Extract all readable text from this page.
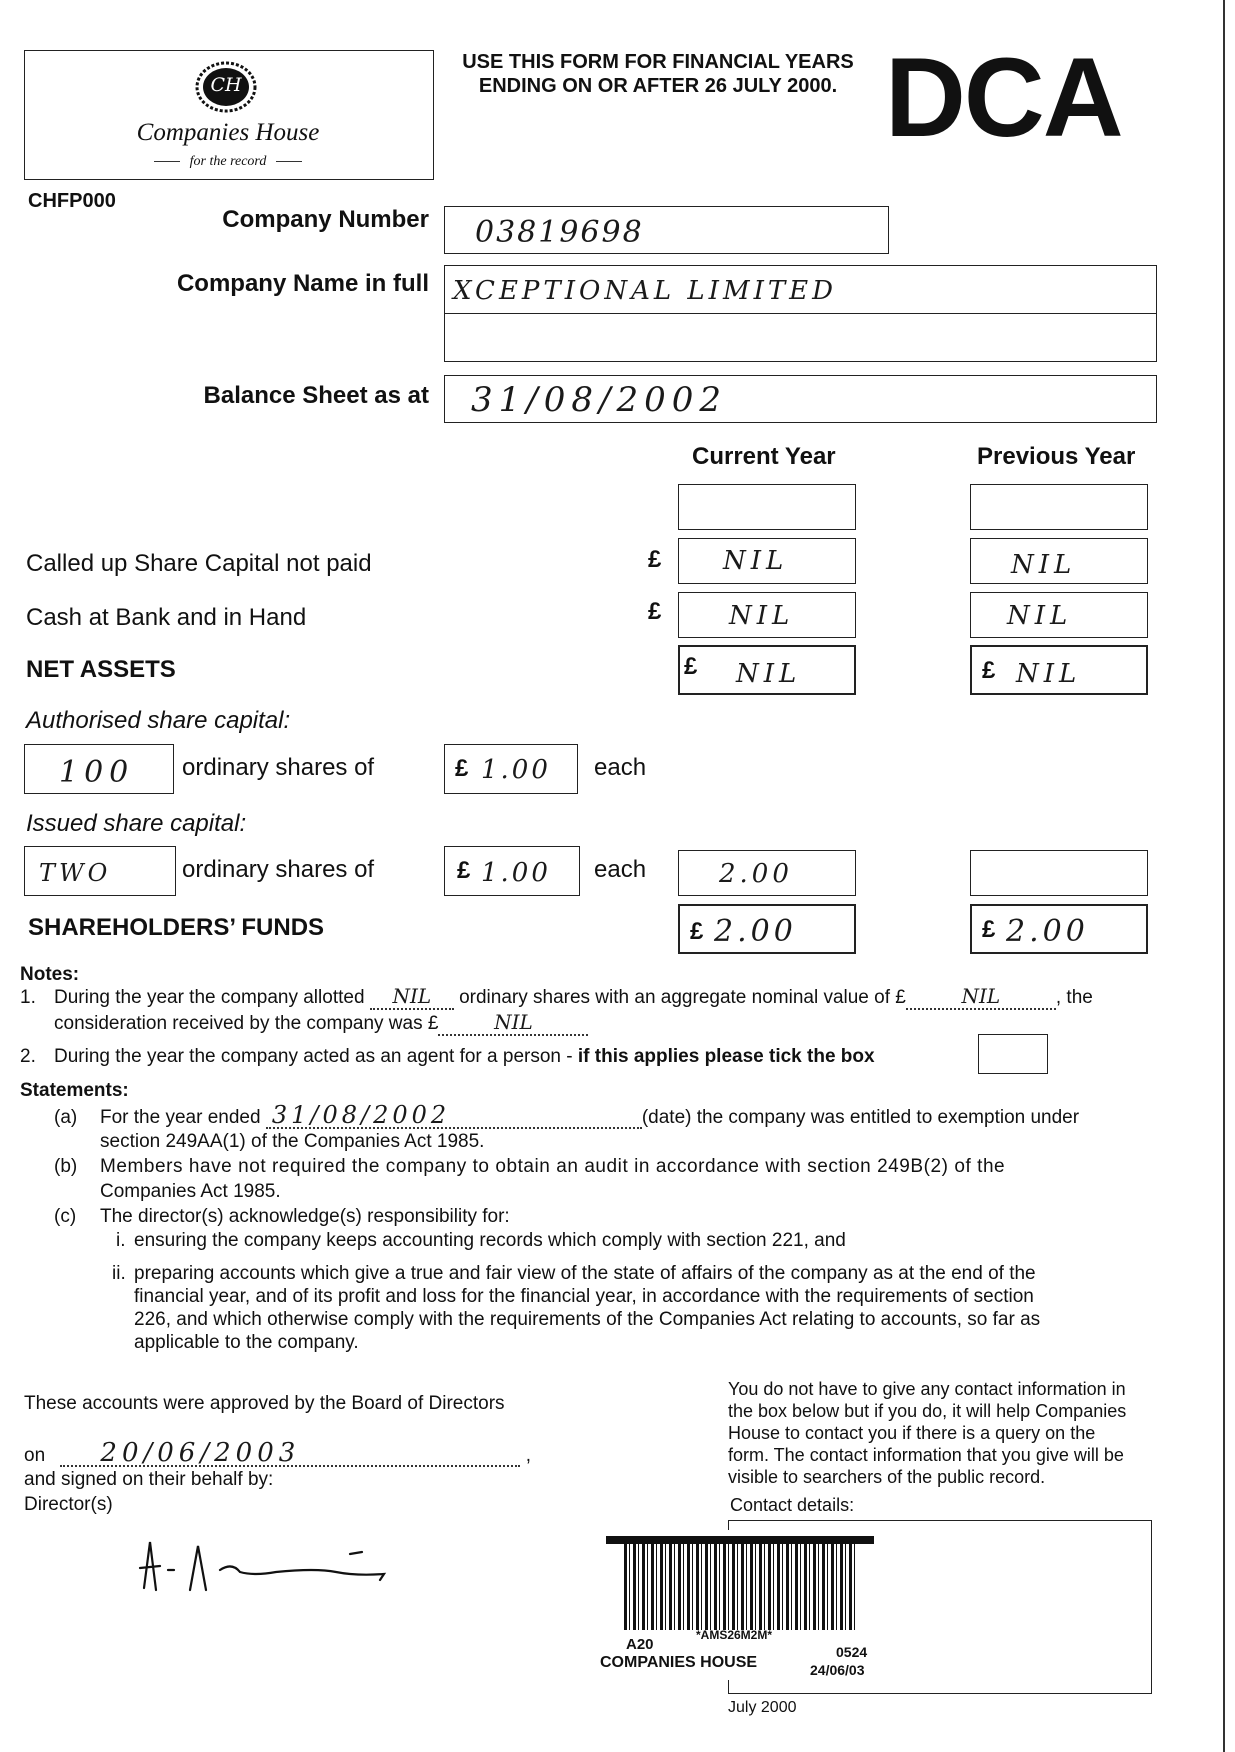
CH
Companies House
for the record
USE THIS FORM FOR FINANCIAL YEARS
ENDING ON OR AFTER 26 JULY 2000. DCA
CHFP000
Company Number 03819698
Company Name in full XCEPTIONAL LIMITED
Balance Sheet as at 31/08/2002
Current Year	Previous Year
Called up Share Capital not paid	£ NIL	NIL
Cash at Bank and in Hand	£	NIL	NIL
NET ASSETS	£ NIL	£ NIL
Authorised share capital:
100 ordinary shares of	£ 1.00 each
Issued share capital:
TWO	ordinary shares of	£ 1.00 each	2.00
SHAREHOLDERS’ FUNDS	£ 2.00	£ 2.00
Notes:
1. During the year the company allotted NIL ordinary shares with an aggregate nominal value of £	NIL	, the
consideration received by the company was £	NIL
2. During the year the company acted as an agent for a person - if this applies please tick the box
Statements:
(a) For the year ended 31/08/2002	(date) the company was entitled to exemption under
section 249AA(1) of the Companies Act 1985.
(b) Members have not required the company to obtain an audit in accordance with section 249B(2) of the
Companies Act 1985.
(c) The director(s) acknowledge(s) responsibility for:
i. ensuring the company keeps accounting records which comply with section 221, and
ii. preparing accounts which give a true and fair view of the state of affairs of the company as at the end of the
financial year, and of its profit and loss for the financial year, in accordance with the requirements of section
226, and which otherwise comply with the requirements of the Companies Act relating to accounts, so far as
applicable to the company.
These accounts were approved by the Board of Directors
on 20/06/2003	,
and signed on their behalf by:
Director(s)
You do not have to give any contact information in
the box below but if you do, it will help Companies
House to contact you if there is a query on the
form. The contact information that you give will be
visible to searchers of the public record.
Contact details:
*AMS26M2M*
A20
COMPANIES HOUSE
0524
24/06/03
July 2000
